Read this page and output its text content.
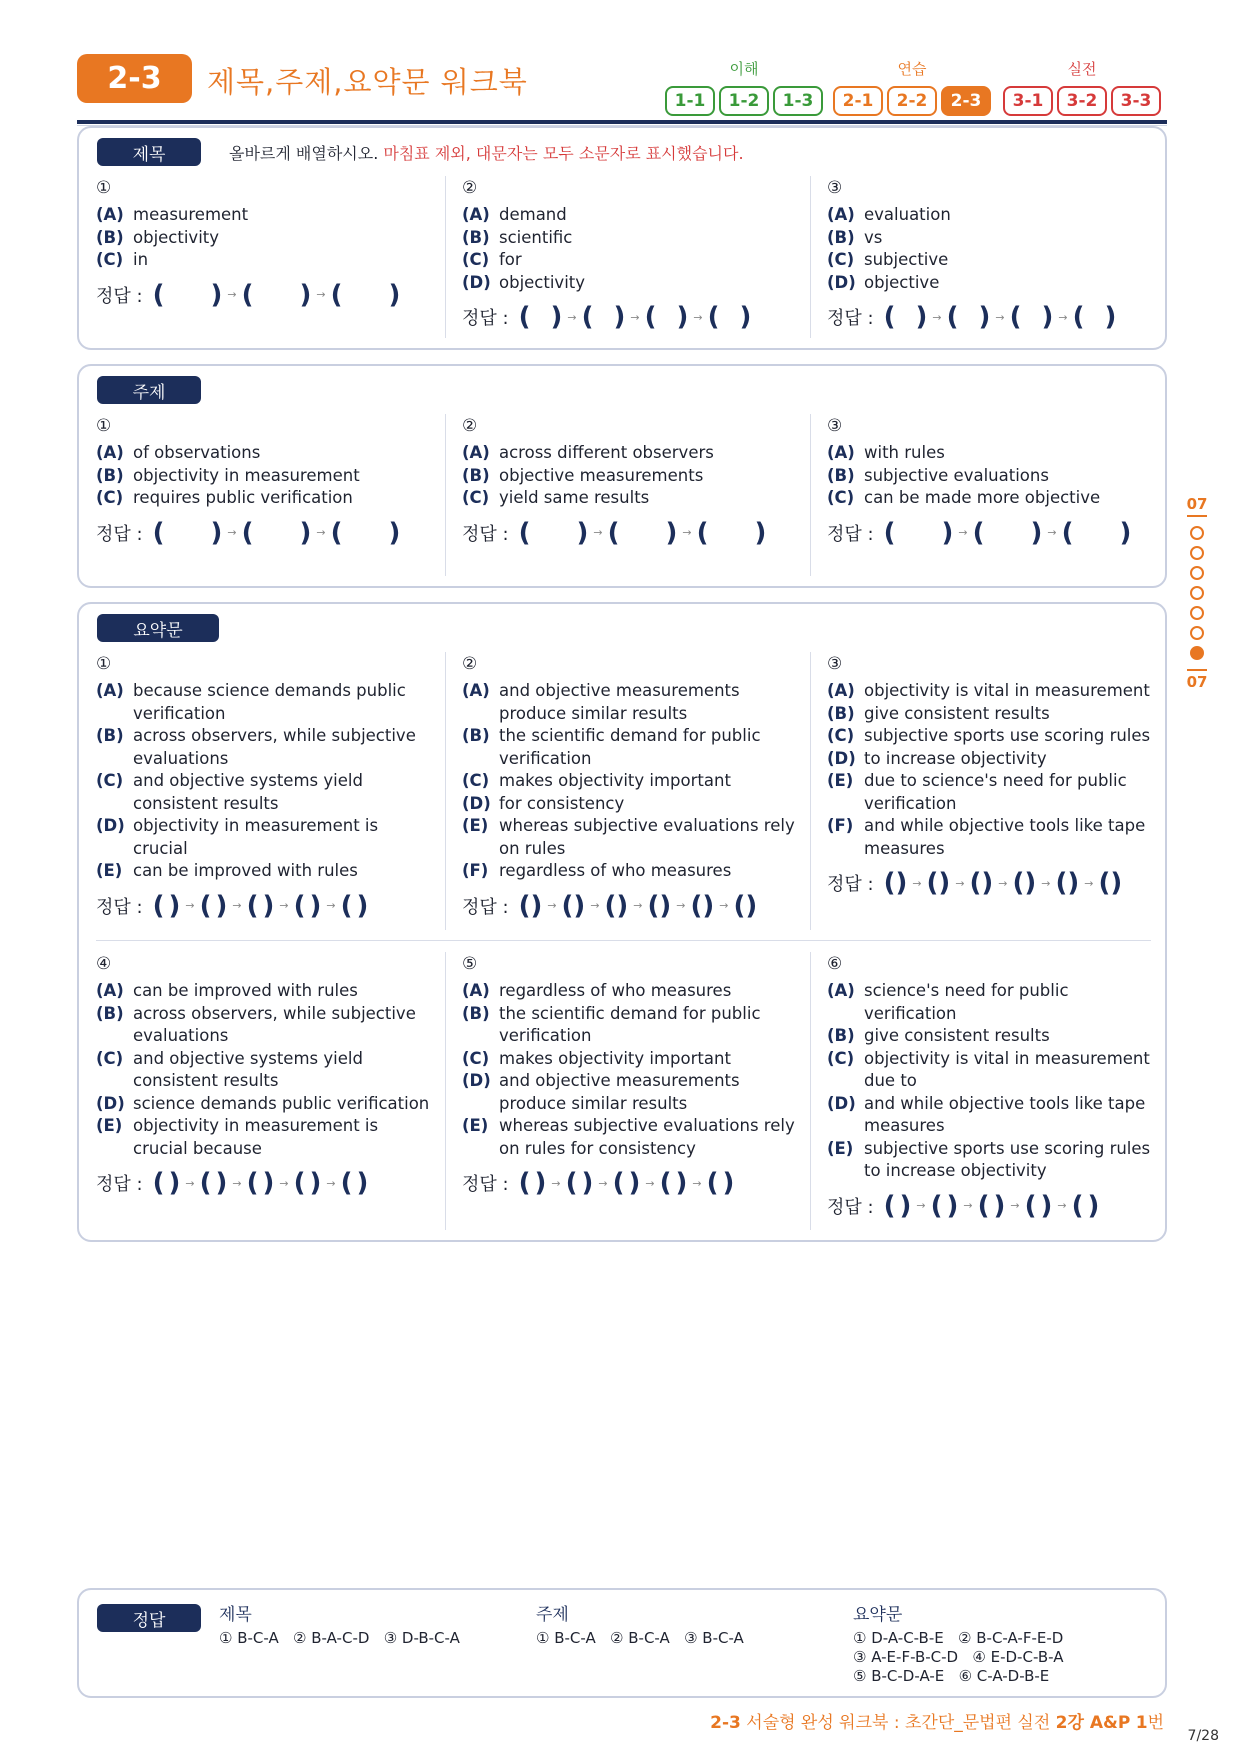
2-3	제목,주제,요약문 워크북	이해
1-1	1-2	1-3
연습
2-1	2-2	2-3
실전
3-1	3-2	3-3
제목	올바르게 배열하시오. 마침표 제외, 대문자는 모두 소문자로 표시했습니다.
①
(A) measurement
(B) objectivity
(C) in
정답 : ( ) → ( ) → ( )
②
(A) demand
(B) scientific
(C) for
(D) objectivity
정답 : ( ) → ( ) → ( ) → ( )
③
(A) evaluation
(B) vs
(C) subjective
(D) objective
정답 : ( ) → ( ) → ( ) → ( )
주제
①
(A) of observations
(B) objectivity in measurement
(C) requires public verification
정답 : ( ) → ( ) → ( )
②
(A) across different observers
(B) objective measurements
(C) yield same results
정답 : ( ) → ( ) → ( )
③
(A) with rules
(B) subjective evaluations
(C) can be made more objective
정답 : ( ) → ( ) → ( )
요약문
①
(A) because science demands public verification
(B) across observers, while subjective evaluations
(C) and objective systems yield consistent results
(D) objectivity in measurement is crucial
(E) can be improved with rules
정답 : ( ) → ( ) → ( ) → ( ) → ( )
②
(A) and objective measurements produce similar results
(B) the scientific demand for public verification
(C) makes objectivity important
(D) for consistency
(E) whereas subjective evaluations rely on rules
(F) regardless of who measures
정답 : () → () → () → () → () → ()
③
(A) objectivity is vital in measurement
(B) give consistent results
(C) subjective sports use scoring rules
(D) to increase objectivity
(E) due to science's need for public verification
(F) and while objective tools like tape measures
정답 : () → () → () → () → () → ()
④
(A) can be improved with rules
(B) across observers, while subjective evaluations
(C) and objective systems yield consistent results
(D) science demands public verification
(E) objectivity in measurement is crucial because
정답 : ( ) → ( ) → ( ) → ( ) → ( )
⑤
(A) regardless of who measures
(B) the scientific demand for public verification
(C) makes objectivity important
(D) and objective measurements produce similar results
(E) whereas subjective evaluations rely on rules for consistency
정답 : ( ) → ( ) → ( ) → ( ) → ( )
⑥
(A) science's need for public verification
(B) give consistent results
(C) objectivity is vital in measurement due to
(D) and while objective tools like tape measures
(E) subjective sports use scoring rules to increase objectivity
정답 : ( ) → ( ) → ( ) → ( ) → ( )
07
07
정답	제목
① B-C-A   ② B-A-C-D   ③ D-B-C-A
주제
① B-C-A   ② B-C-A   ③ B-C-A
요약문
① D-A-C-B-E   ② B-C-A-F-E-D
③ A-E-F-B-C-D   ④ E-D-C-B-A
⑤ B-C-D-A-E   ⑥ C-A-D-B-E
2-3 서술형 완성 워크북 : 초간단_문법편 실전 2강 A&P 1번
7/28
